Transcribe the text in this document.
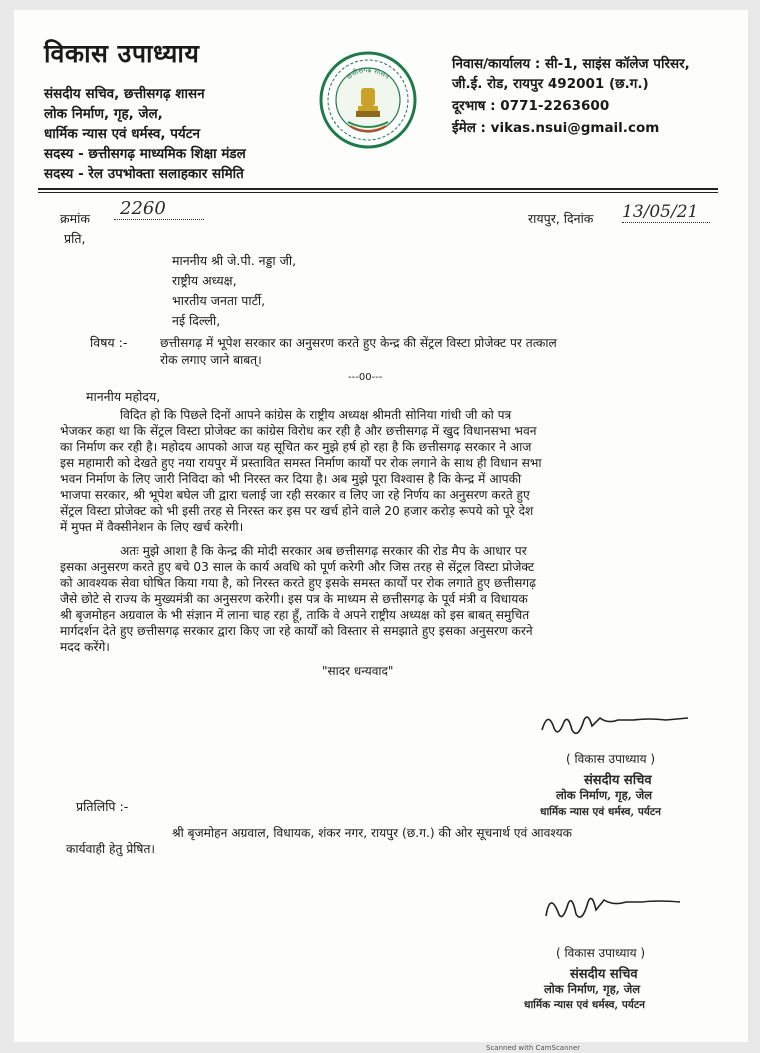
विकास उपाध्याय
संसदीय सचिव, छत्तीसगढ़ शासन
लोक निर्माण, गृह, जेल,
धार्मिक न्यास एवं धर्मस्व, पर्यटन
सदस्य - छत्तीसगढ़ माध्यमिक शिक्षा मंडल
सदस्य - रेल उपभोक्ता सलाहकार समिति
छत्तीसगढ़ शासन
निवास/कार्यालय : सी-1, साइंस कॉलेज परिसर,
जी.ई. रोड, रायपुर 492001 (छ.ग.)
दूरभाष : 0771-2263600
ईमेल : vikas.nsui@gmail.com
क्रमांक	2260	रायपुर, दिनांक 13/05/21
प्रति,
माननीय श्री जे.पी. नड्डा जी,
राष्ट्रीय अध्यक्ष,
भारतीय जनता पार्टी,
नई दिल्ली,
विषय :-	छत्तीसगढ़ में भूपेश सरकार का अनुसरण करते हुए केन्द्र की सेंट्रल विस्टा प्रोजेक्ट पर तत्काल
रोक लगाए जाने बाबत्।
---00---
माननीय महोदय,
विदित हो कि पिछले दिनों आपने कांग्रेस के राष्ट्रीय अध्यक्ष श्रीमती सोनिया गांधी जी को पत्र
भेजकर कहा था कि सेंट्रल विस्टा प्रोजेक्ट का कांग्रेस विरोध कर रही है और छत्तीसगढ़ में खुद विधानसभा भवन
का निर्माण कर रही है। महोदय आपको आज यह सूचित कर मुझे हर्ष हो रहा है कि छत्तीसगढ़ सरकार ने आज
इस महामारी को देखते हुए नया रायपुर में प्रस्तावित समस्त निर्माण कार्यों पर रोक लगाने के साथ ही विधान सभा
भवन निर्माण के लिए जारी निविदा को भी निरस्त कर दिया है। अब मुझे पूरा विश्वास है कि केन्द्र में आपकी
भाजपा सरकार, श्री भूपेश बघेल जी द्वारा चलाई जा रही सरकार व लिए जा रहे निर्णय का अनुसरण करते हुए
सेंट्रल विस्टा प्रोजेक्ट को भी इसी तरह से निरस्त कर इस पर खर्च होने वाले 20 हजार करोड़ रूपये को पूरे देश
में मुफ्त में वैक्सीनेशन के लिए खर्च करेगी।
अतः मुझे आशा है कि केन्द्र की मोदी सरकार अब छत्तीसगढ़ सरकार की रोड मैप के आधार पर
इसका अनुसरण करते हुए बचे 03 साल के कार्य अवधि को पूर्ण करेगी और जिस तरह से सेंट्रल विस्टा प्रोजेक्ट
को आवश्यक सेवा घोषित किया गया है, को निरस्त करते हुए इसके समस्त कार्यों पर रोक लगाते हुए छत्तीसगढ़
जैसे छोटे से राज्य के मुख्यमंत्री का अनुसरण करेगी। इस पत्र के माध्यम से छत्तीसगढ़ के पूर्व मंत्री व विधायक
श्री बृजमोहन अग्रवाल के भी संज्ञान में लाना चाह रहा हूँ, ताकि वे अपने राष्ट्रीय अध्यक्ष को इस बाबत् समुचित
मार्गदर्शन देते हुए छत्तीसगढ़ सरकार द्वारा किए जा रहे कार्यों को विस्तार से समझाते हुए इसका अनुसरण करने
मदद करेंगे।
"सादर धन्यवाद"
( विकास उपाध्याय )
संसदीय सचिव
लोक निर्माण, गृह, जेल
धार्मिक न्यास एवं धर्मस्व, पर्यटन
प्रतिलिपि :-
श्री बृजमोहन अग्रवाल, विधायक, शंकर नगर, रायपुर (छ.ग.) की ओर सूचनार्थ एवं आवश्यक
कार्यवाही हेतु प्रेषित।
( विकास उपाध्याय )
संसदीय सचिव
लोक निर्माण, गृह, जेल
धार्मिक न्यास एवं धर्मस्व, पर्यटन
Scanned with CamScanner
